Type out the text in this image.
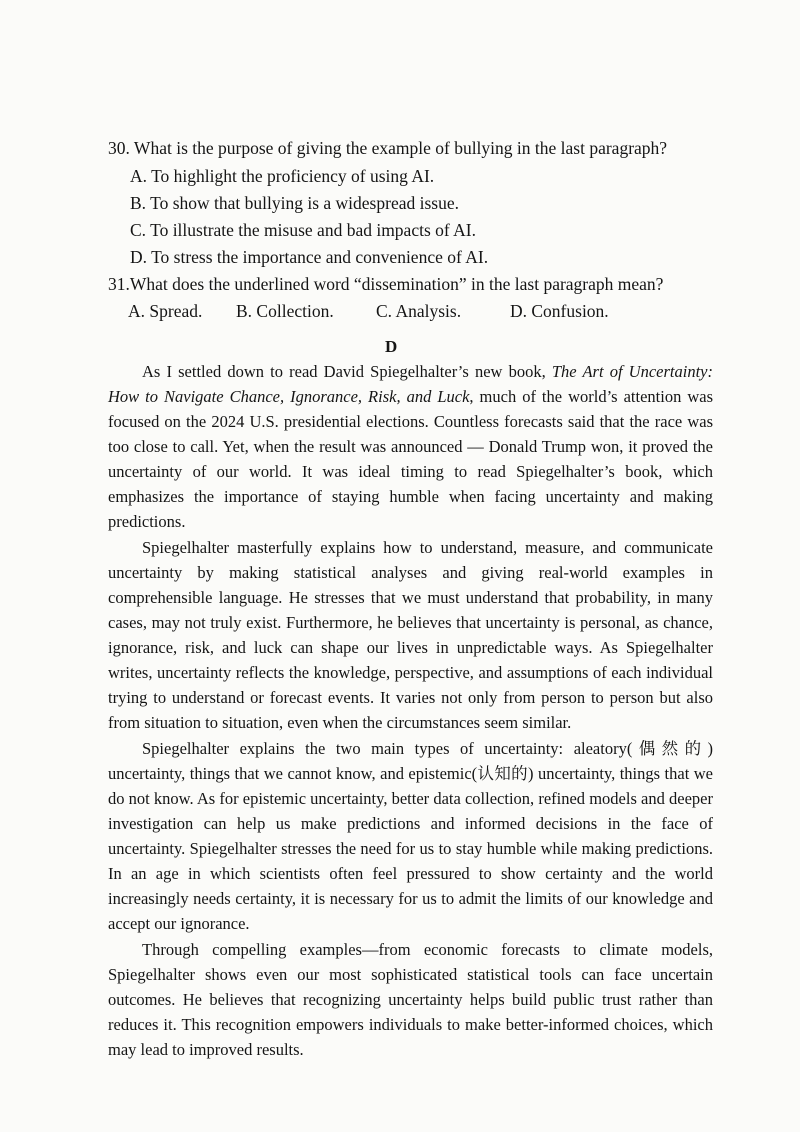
30. What is the purpose of giving the example of bullying in the last paragraph?
A. To highlight the proficiency of using AI.
B. To show that bullying is a widespread issue.
C. To illustrate the misuse and bad impacts of AI.
D. To stress the importance and convenience of AI.
31.What does the underlined word “dissemination” in the last paragraph mean?
A. Spread. B. Collection. C. Analysis.	D. Confusion.
D

As I settled down to read David Spiegelhalter’s new book, The Art of Uncertainty: How to Navigate Chance, Ignorance, Risk, and Luck, much of the world’s attention was focused on the 2024 U.S. presidential elections. Countless forecasts said that the race was too close to call. Yet, when the result was announced — Donald Trump won, it proved the uncertainty of our world. It was ideal timing to read Spiegelhalter’s book, which emphasizes the importance of staying humble when facing uncertainty and making predictions.

Spiegelhalter masterfully explains how to understand, measure, and communicate uncertainty by making statistical analyses and giving real-world examples in comprehensible language. He stresses that we must understand that probability, in many cases, may not truly exist. Furthermore, he believes that uncertainty is personal, as chance, ignorance, risk, and luck can shape our lives in unpredictable ways. As Spiegelhalter writes, uncertainty reflects the knowledge, perspective, and assumptions of each individual trying to understand or forecast events. It varies not only from person to person but also from situation to situation, even when the circumstances seem similar.

Spiegelhalter explains the two main types of uncertainty: aleatory(偶然的) uncertainty, things that we cannot know, and epistemic(认知的) uncertainty, things that we do not know. As for epistemic uncertainty, better data collection, refined models and deeper investigation can help us make predictions and informed decisions in the face of uncertainty. Spiegelhalter stresses the need for us to stay humble while making predictions. In an age in which scientists often feel pressured to show certainty and the world increasingly needs certainty, it is necessary for us to admit the limits of our knowledge and accept our ignorance.

Through compelling examples—from economic forecasts to climate models, Spiegelhalter shows even our most sophisticated statistical tools can face uncertain outcomes. He believes that recognizing uncertainty helps build public trust rather than reduces it. This recognition empowers individuals to make better-informed choices, which may lead to improved results.
